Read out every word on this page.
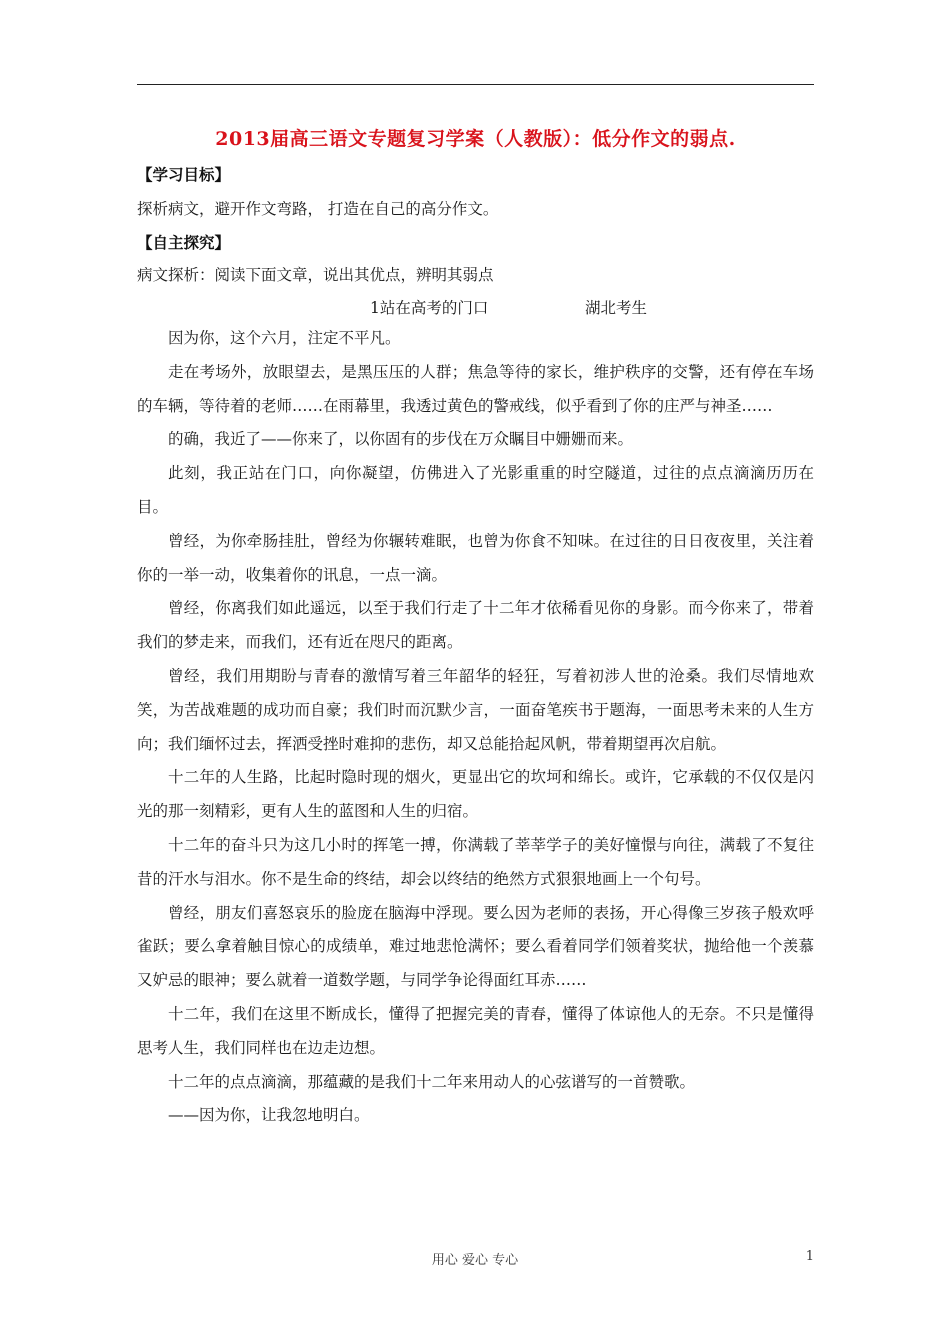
2013届高三语文专题复习学案（人教版）：低分作文的弱点.
【学习目标】
探析病文，避开作文弯路， 打造在自己的高分作文。
【自主探究】
病文探析：阅读下面文章，说出其优点，辨明其弱点
1站在高考的门口	湖北考生

因为你，这个六月，注定不平凡。

走在考场外，放眼望去，是黑压压的人群；焦急等待的家长，维护秩序的交警，还有停在车场的车辆，等待着的老师……在雨幕里，我透过黄色的警戒线，似乎看到了你的庄严与神圣……

的确，我近了——你来了，以你固有的步伐在万众瞩目中姗姗而来。

此刻，我正站在门口，向你凝望，仿佛进入了光影重重的时空隧道，过往的点点滴滴历历在目。

曾经，为你牵肠挂肚，曾经为你辗转难眠，也曾为你食不知味。在过往的日日夜夜里，关注着你的一举一动，收集着你的讯息，一点一滴。

曾经，你离我们如此遥远，以至于我们行走了十二年才依稀看见你的身影。而今你来了，带着我们的梦走来，而我们，还有近在咫尺的距离。

曾经，我们用期盼与青春的激情写着三年韶华的轻狂，写着初涉人世的沧桑。我们尽情地欢笑，为苦战难题的成功而自豪；我们时而沉默少言，一面奋笔疾书于题海，一面思考未来的人生方向；我们缅怀过去，挥洒受挫时难抑的悲伤，却又总能拾起风帆，带着期望再次启航。

十二年的人生路，比起时隐时现的烟火，更显出它的坎坷和绵长。或许，它承载的不仅仅是闪光的那一刻精彩，更有人生的蓝图和人生的归宿。

十二年的奋斗只为这几小时的挥笔一搏，你满载了莘莘学子的美好憧憬与向往，满载了不复往昔的汗水与泪水。你不是生命的终结，却会以终结的绝然方式狠狠地画上一个句号。

曾经，朋友们喜怒哀乐的脸庞在脑海中浮现。要么因为老师的表扬，开心得像三岁孩子般欢呼雀跃；要么拿着触目惊心的成绩单，难过地悲怆满怀；要么看着同学们领着奖状，抛给他一个羡慕又妒忌的眼神；要么就着一道数学题，与同学争论得面红耳赤……

十二年，我们在这里不断成长，懂得了把握完美的青春，懂得了体谅他人的无奈。不只是懂得思考人生，我们同样也在边走边想。

十二年的点点滴滴，那蕴藏的是我们十二年来用动人的心弦谱写的一首赞歌。

——因为你，让我忽地明白。

用心 爱心 专心	1
